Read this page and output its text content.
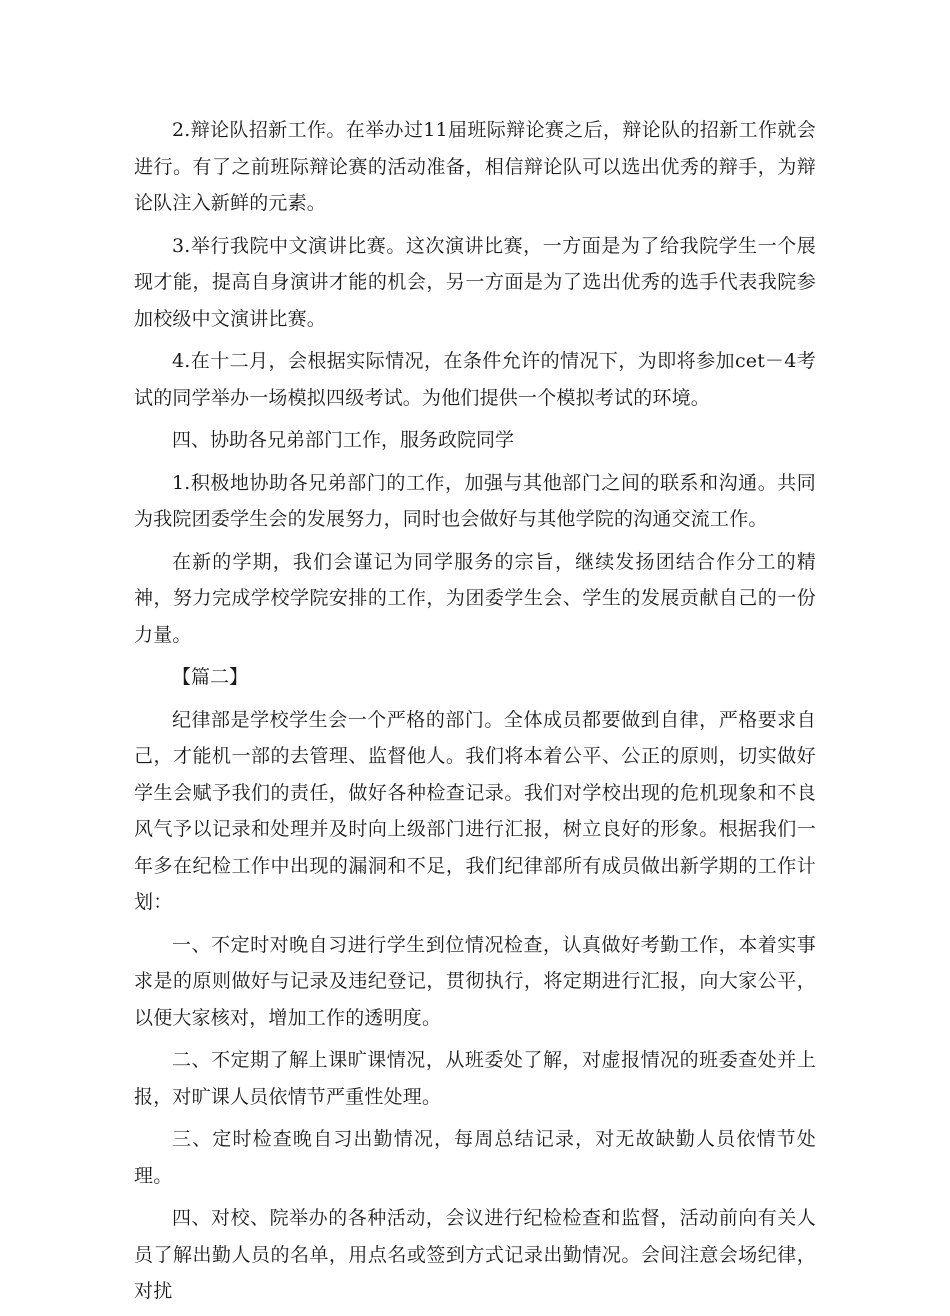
2.辩论队招新工作。在举办过11届班际辩论赛之后，辩论队的招新工作就会进行。有了之前班际辩论赛的活动准备，相信辩论队可以选出优秀的辩手，为辩论队注入新鲜的元素。

3.举行我院中文演讲比赛。这次演讲比赛，一方面是为了给我院学生一个展现才能，提高自身演讲才能的机会，另一方面是为了选出优秀的选手代表我院参加校级中文演讲比赛。

4.在十二月，会根据实际情况，在条件允许的情况下，为即将参加cet－4考试的同学举办一场模拟四级考试。为他们提供一个模拟考试的环境。

四、协助各兄弟部门工作，服务政院同学

1.积极地协助各兄弟部门的工作，加强与其他部门之间的联系和沟通。共同为我院团委学生会的发展努力，同时也会做好与其他学院的沟通交流工作。

在新的学期，我们会谨记为同学服务的宗旨，继续发扬团结合作分工的精神，努力完成学校学院安排的工作，为团委学生会、学生的发展贡献自己的一份力量。

【篇二】

纪律部是学校学生会一个严格的部门。全体成员都要做到自律，严格要求自己，才能机一部的去管理、监督他人。我们将本着公平、公正的原则，切实做好学生会赋予我们的责任，做好各种检查记录。我们对学校出现的危机现象和不良风气予以记录和处理并及时向上级部门进行汇报，树立良好的形象。根据我们一年多在纪检工作中出现的漏洞和不足，我们纪律部所有成员做出新学期的工作计划：

一、不定时对晚自习进行学生到位情况检查，认真做好考勤工作，本着实事求是的原则做好与记录及违纪登记，贯彻执行，将定期进行汇报，向大家公平，以便大家核对，增加工作的透明度。

二、不定期了解上课旷课情况，从班委处了解，对虚报情况的班委查处并上报，对旷课人员依情节严重性处理。

三、定时检查晚自习出勤情况，每周总结记录，对无故缺勤人员依情节处理。

四、对校、院举办的各种活动，会议进行纪检检查和监督，活动前向有关人员了解出勤人员的名单，用点名或签到方式记录出勤情况。会间注意会场纪律，对扰
